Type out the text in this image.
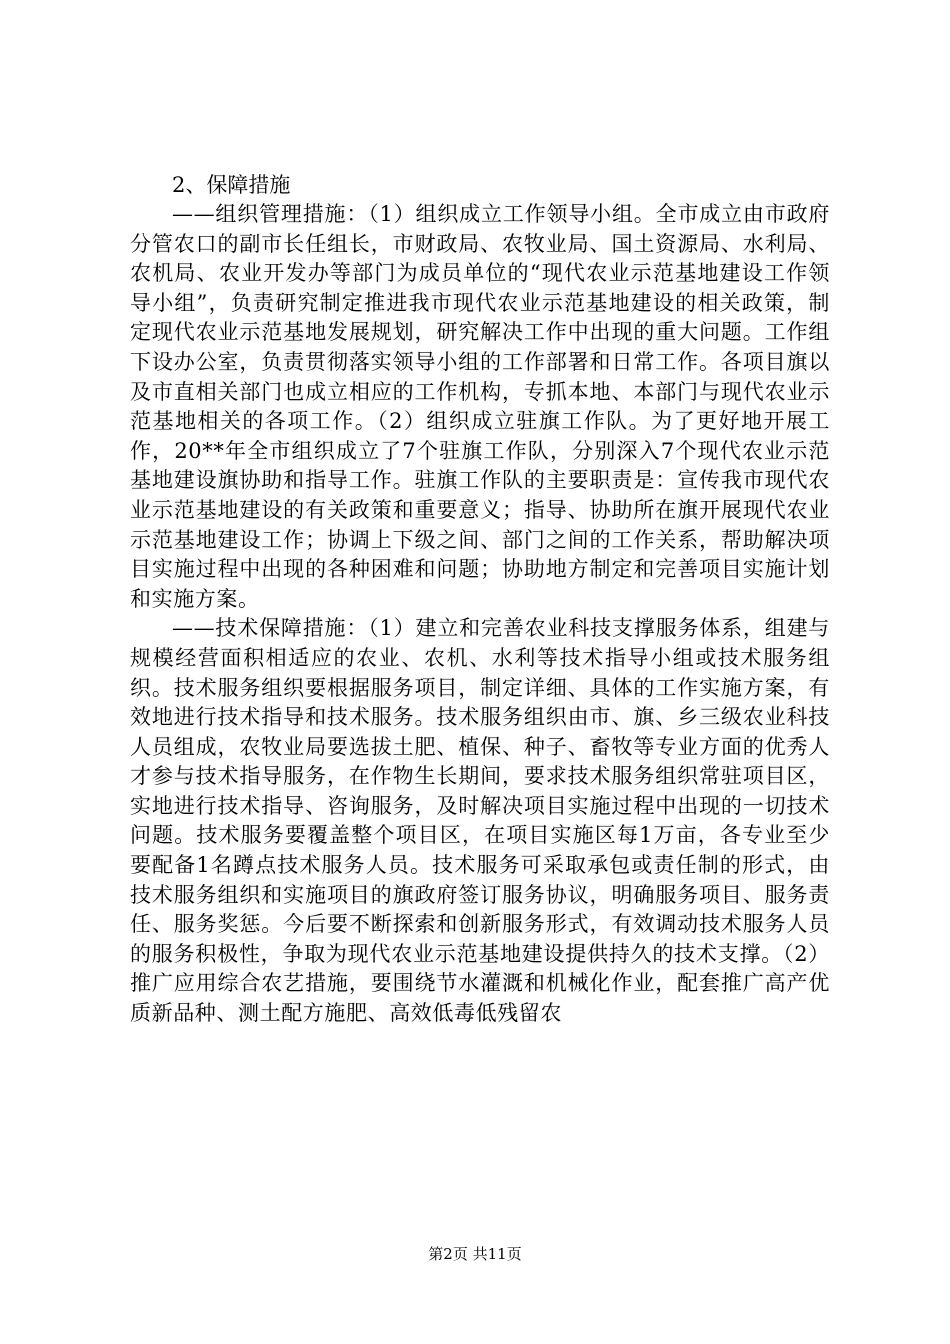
2、保障措施

——组织管理措施：（1）组织成立工作领导小组。全市成立由市政府分管农口的副市长任组长，市财政局、农牧业局、国土资源局、水利局、农机局、农业开发办等部门为成员单位的“现代农业示范基地建设工作领导小组”，负责研究制定推进我市现代农业示范基地建设的相关政策，制定现代农业示范基地发展规划，研究解决工作中出现的重大问题。工作组下设办公室，负责贯彻落实领导小组的工作部署和日常工作。各项目旗以及市直相关部门也成立相应的工作机构，专抓本地、本部门与现代农业示范基地相关的各项工作。（2）组织成立驻旗工作队。为了更好地开展工作，20**年全市组织成立了7个驻旗工作队，分别深入7个现代农业示范基地建设旗协助和指导工作。驻旗工作队的主要职责是：宣传我市现代农业示范基地建设的有关政策和重要意义；指导、协助所在旗开展现代农业示范基地建设工作；协调上下级之间、部门之间的工作关系，帮助解决项目实施过程中出现的各种困难和问题；协助地方制定和完善项目实施计划和实施方案。

——技术保障措施：（1）建立和完善农业科技支撑服务体系，组建与规模经营面积相适应的农业、农机、水利等技术指导小组或技术服务组织。技术服务组织要根据服务项目，制定详细、具体的工作实施方案，有效地进行技术指导和技术服务。技术服务组织由市、旗、乡三级农业科技人员组成，农牧业局要选拔土肥、植保、种子、畜牧等专业方面的优秀人才参与技术指导服务，在作物生长期间，要求技术服务组织常驻项目区，实地进行技术指导、咨询服务，及时解决项目实施过程中出现的一切技术问题。技术服务要覆盖整个项目区，在项目实施区每1万亩，各专业至少要配备1名蹲点技术服务人员。技术服务可采取承包或责任制的形式，由技术服务组织和实施项目的旗政府签订服务协议，明确服务项目、服务责任、服务奖惩。今后要不断探索和创新服务形式，有效调动技术服务人员的服务积极性，争取为现代农业示范基地建设提供持久的技术支撑。（2）推广应用综合农艺措施，要围绕节水灌溉和机械化作业，配套推广高产优质新品种、测土配方施肥、高效低毒低残留农

第2页 共11页
